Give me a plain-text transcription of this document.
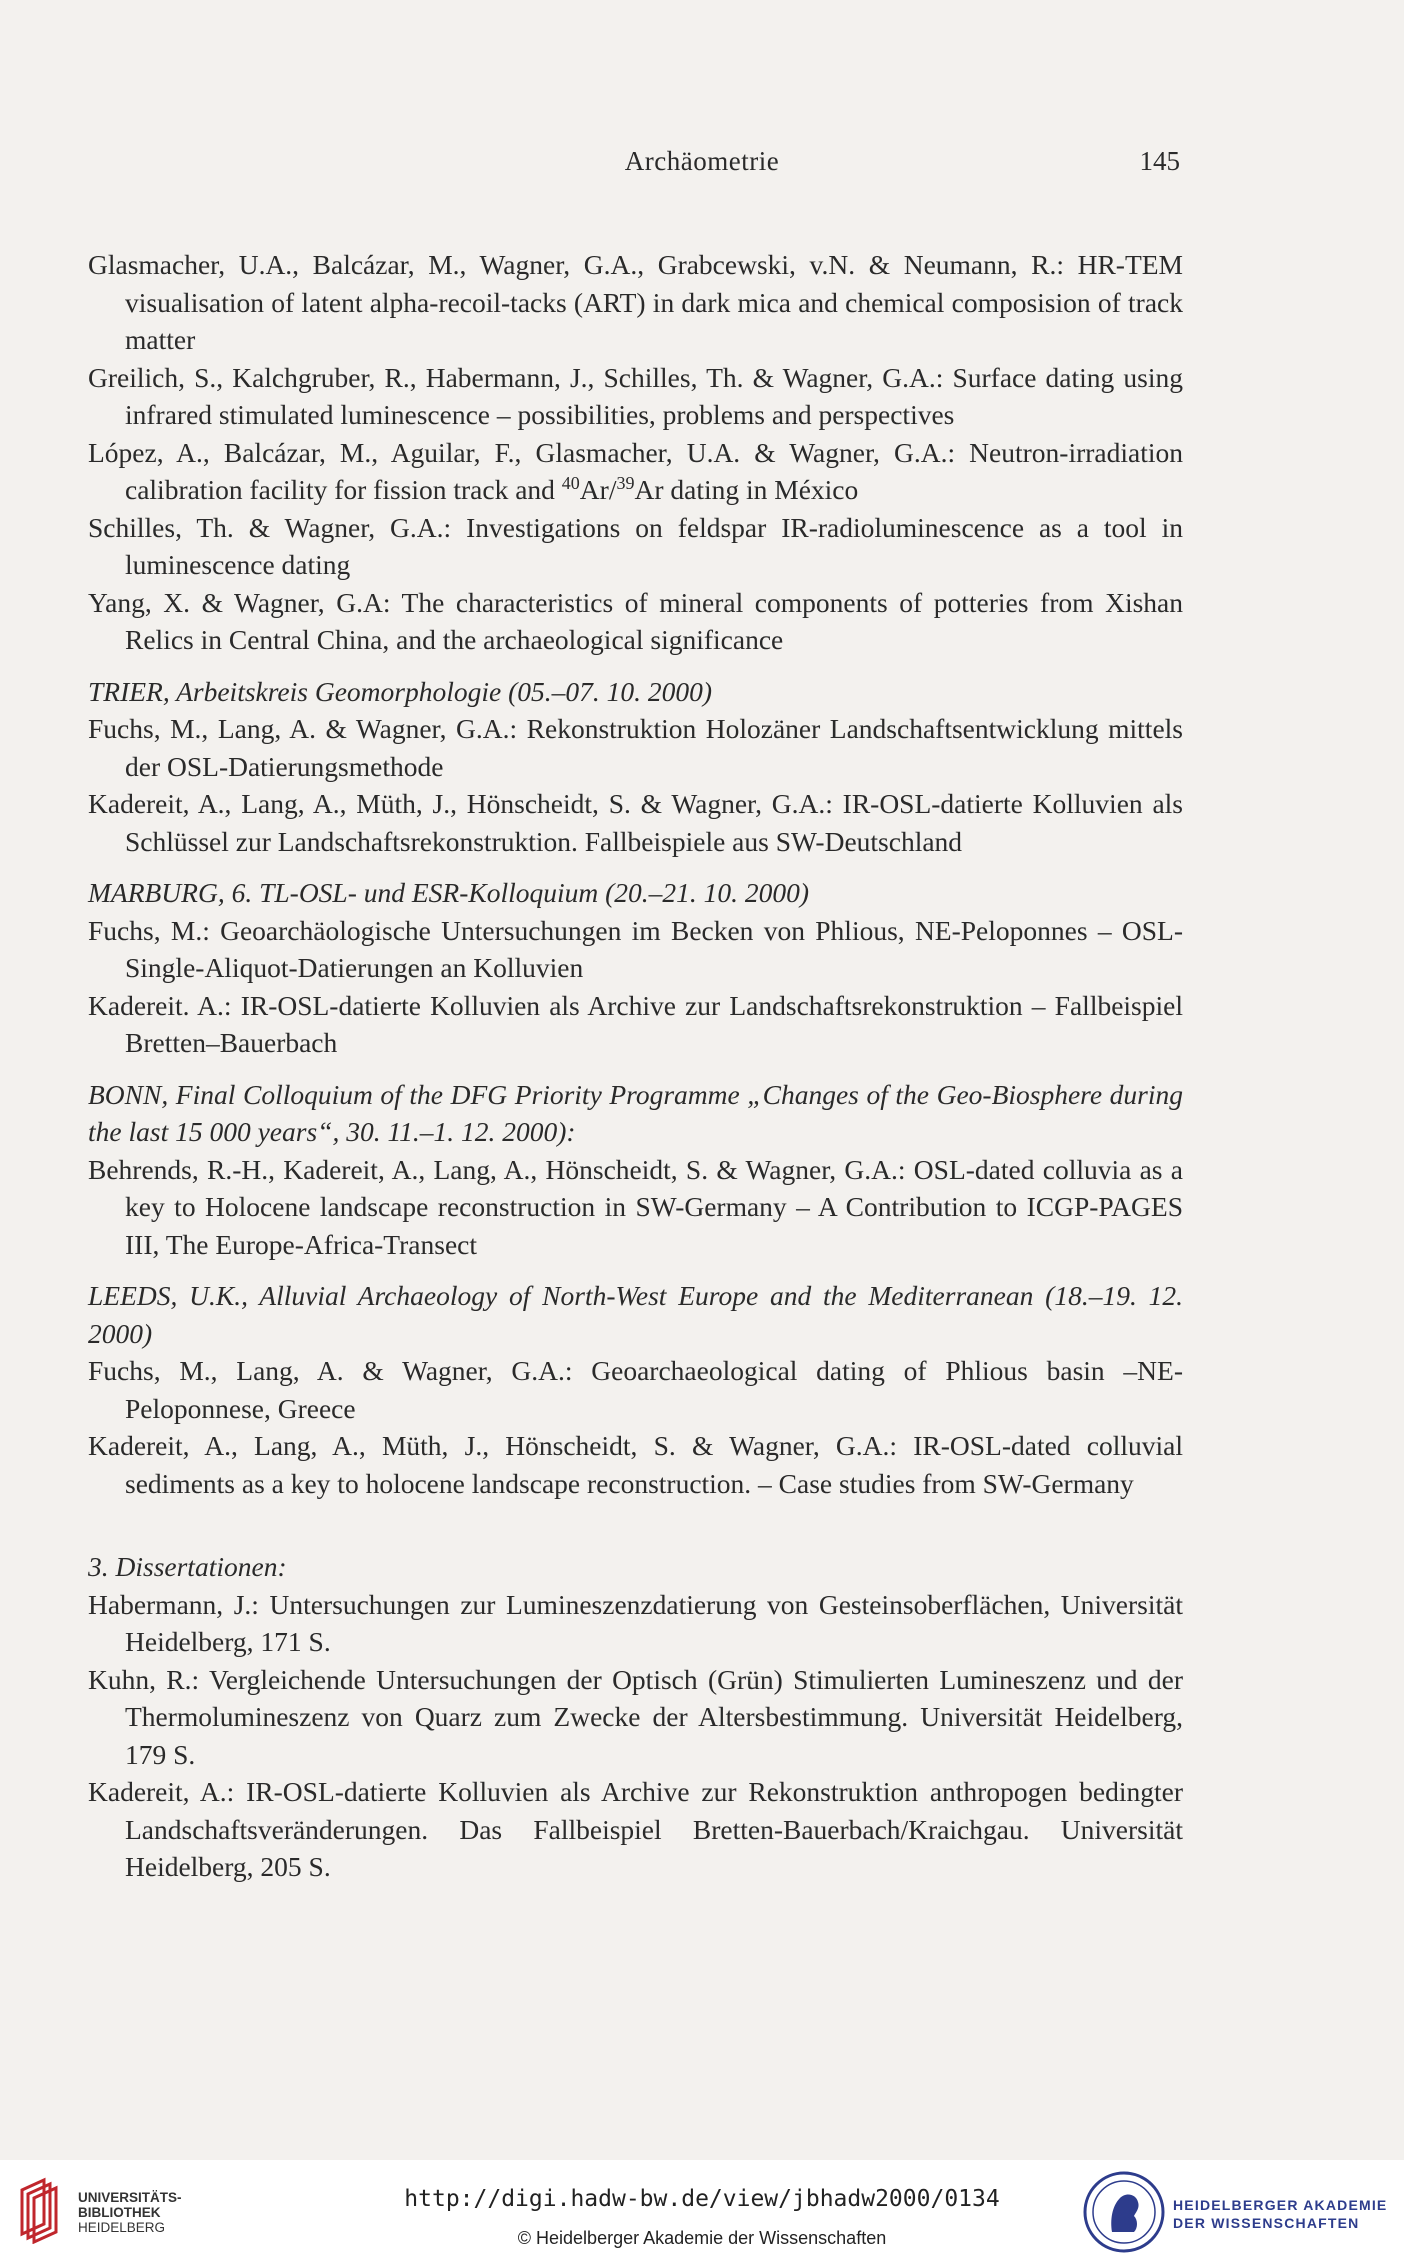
Archäometrie	145

Glasmacher, U.A., Balcázar, M., Wagner, G.A., Grabcewski, v.N. & Neumann, R.: HR-TEM visualisation of latent alpha-recoil-tacks (ART) in dark mica and chemical composision of track matter

Greilich, S., Kalchgruber, R., Habermann, J., Schilles, Th. & Wagner, G.A.: Surface dating using infrared stimulated luminescence – possibilities, problems and perspectives

López, A., Balcázar, M., Aguilar, F., Glasmacher, U.A. & Wagner, G.A.: Neutron-irradiation calibration facility for fission track and $^{40}$Ar/$^{39}$Ar dating in México

Schilles, Th. & Wagner, G.A.: Investigations on feldspar IR-radioluminescence as a tool in luminescence dating

Yang, X. & Wagner, G.A: The characteristics of mineral components of potteries from Xishan Relics in Central China, and the archaeological significance

TRIER, Arbeitskreis Geomorphologie (05.–07. 10. 2000)

Fuchs, M., Lang, A. & Wagner, G.A.: Rekonstruktion Holozäner Landschaftsentwicklung mittels der OSL-Datierungsmethode

Kadereit, A., Lang, A., Müth, J., Hönscheidt, S. & Wagner, G.A.: IR-OSL-datierte Kolluvien als Schlüssel zur Landschaftsrekonstruktion. Fallbeispiele aus SW-Deutschland

MARBURG, 6. TL-OSL- und ESR-Kolloquium (20.–21. 10. 2000)

Fuchs, M.: Geoarchäologische Untersuchungen im Becken von Phlious, NE-Peloponnes – OSL-Single-Aliquot-Datierungen an Kolluvien

Kadereit. A.: IR-OSL-datierte Kolluvien als Archive zur Landschaftsrekonstruktion – Fallbeispiel Bretten–Bauerbach

BONN, Final Colloquium of the DFG Priority Programme „Changes of the Geo-Biosphere during the last 15 000 years“, 30. 11.–1. 12. 2000):

Behrends, R.-H., Kadereit, A., Lang, A., Hönscheidt, S. & Wagner, G.A.: OSL-dated colluvia as a key to Holocene landscape reconstruction in SW-Germany – A Contribution to ICGP-PAGES III, The Europe-Africa-Transect

LEEDS, U.K., Alluvial Archaeology of North-West Europe and the Mediterranean (18.–19. 12. 2000)

Fuchs, M., Lang, A. & Wagner, G.A.: Geoarchaeological dating of Phlious basin –NE-Peloponnese, Greece

Kadereit, A., Lang, A., Müth, J., Hönscheidt, S. & Wagner, G.A.: IR-OSL-dated colluvial sediments as a key to holocene landscape reconstruction. – Case studies from SW-Germany

3. Dissertationen:

Habermann, J.: Untersuchungen zur Lumineszenzdatierung von Gesteinsoberflächen, Universität Heidelberg, 171 S.

Kuhn, R.: Vergleichende Untersuchungen der Optisch (Grün) Stimulierten Lumineszenz und der Thermolumineszenz von Quarz zum Zwecke der Altersbestimmung. Universität Heidelberg, 179 S.

Kadereit, A.: IR-OSL-datierte Kolluvien als Archive zur Rekonstruktion anthropogen bedingter Landschaftsveränderungen. Das Fallbeispiel Bretten-Bauerbach/Kraichgau. Universität Heidelberg, 205 S.

UNIVERSITÄTS-
BIBLIOTHEK
HEIDELBERG
http://digi.hadw-bw.de/view/jbhadw2000/0134
© Heidelberger Akademie der Wissenschaften
HEIDELBERGER AKADEMIE
DER WISSENSCHAFTEN
